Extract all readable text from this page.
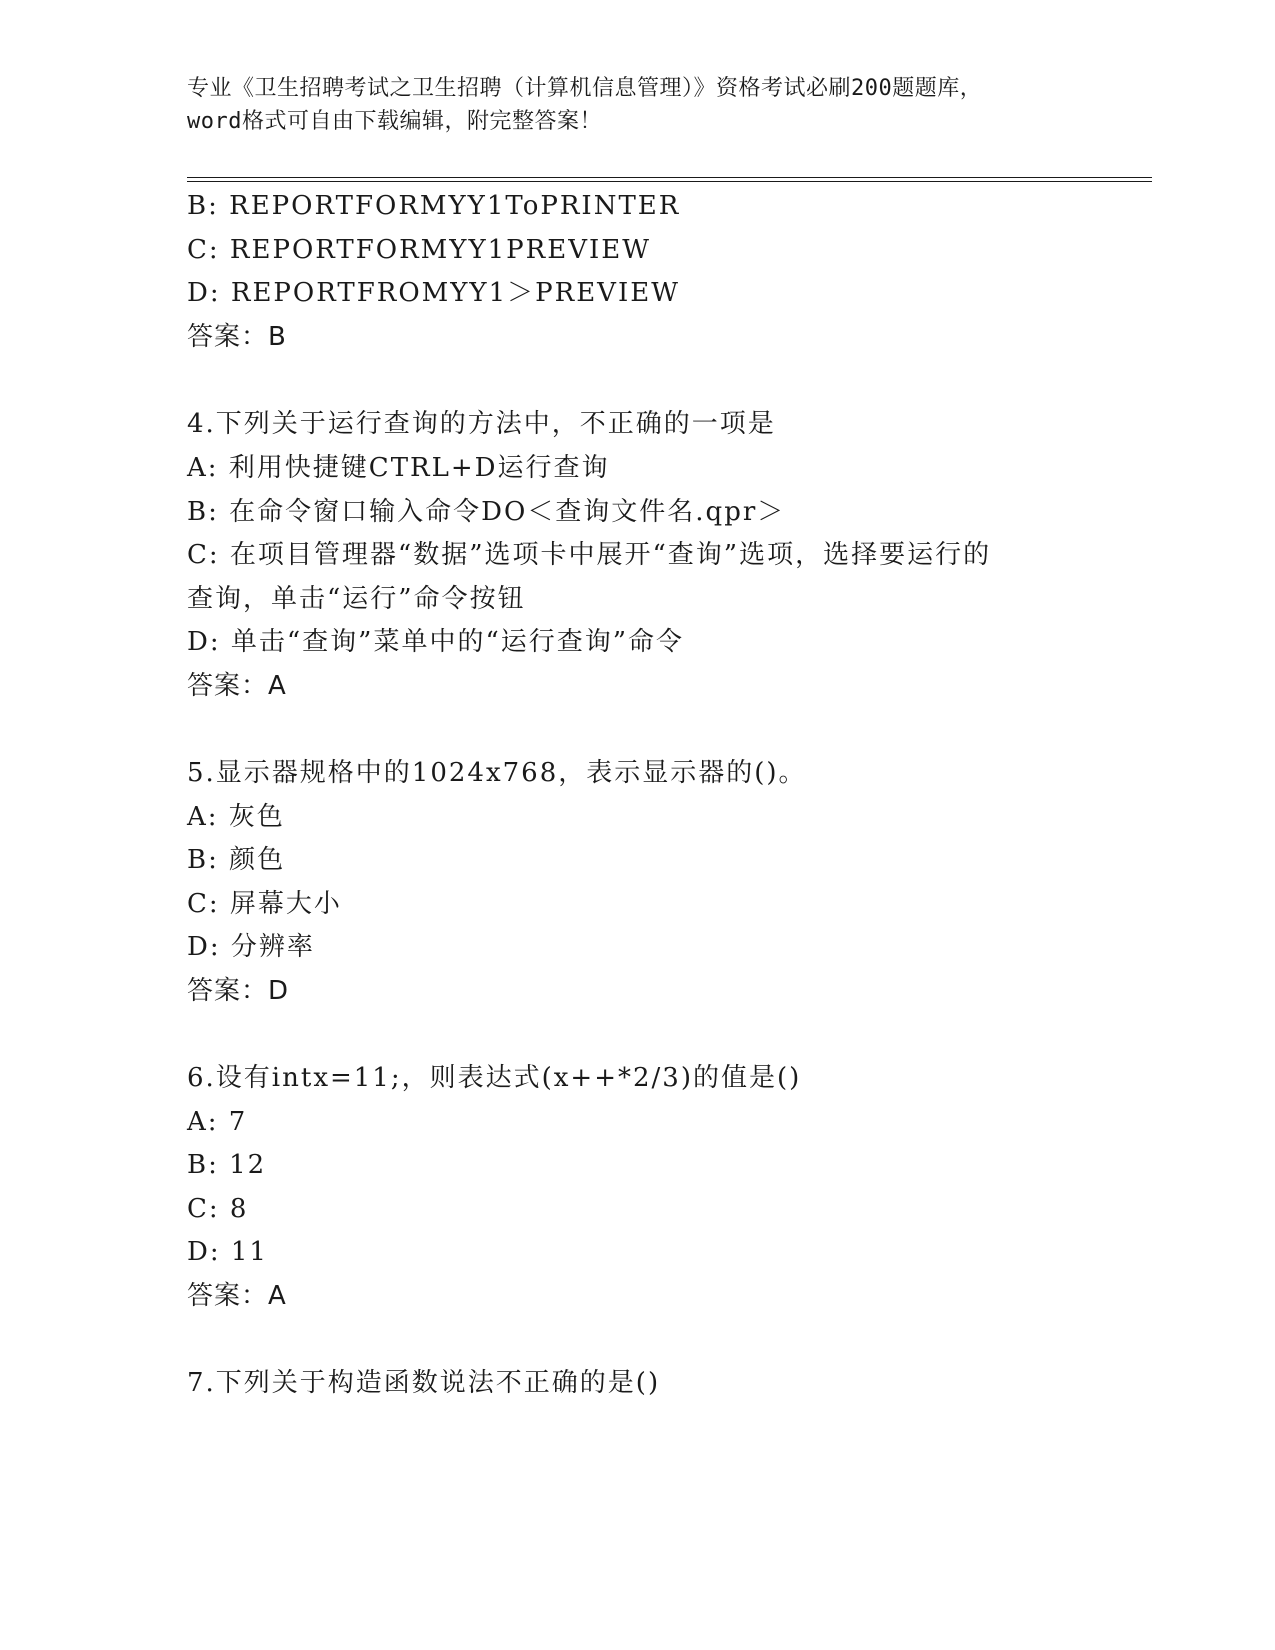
专业《卫生招聘考试之卫生招聘（计算机信息管理）》资格考试必刷200题题库，
word格式可自由下载编辑，附完整答案！
B: REPORTFORMYY1ToPRINTER
C: REPORTFORMYY1PREVIEW
D: REPORTFROMYY1＞PREVIEW
答案：B
4.下列关于运行查询的方法中，不正确的一项是
A: 利用快捷键CTRL+D运行查询
B: 在命令窗口输入命令DO＜查询文件名.qpr＞
C: 在项目管理器“数据”选项卡中展开“查询”选项，选择要运行的
查询，单击“运行”命令按钮
D: 单击“查询”菜单中的“运行查询”命令
答案：A
5.显示器规格中的1024x768，表示显示器的()。
A: 灰色
B: 颜色
C: 屏幕大小
D: 分辨率
答案：D
6.设有intx=11;，则表达式(x++*2/3)的值是()
A: 7
B: 12
C: 8
D: 11
答案：A
7.下列关于构造函数说法不正确的是()
